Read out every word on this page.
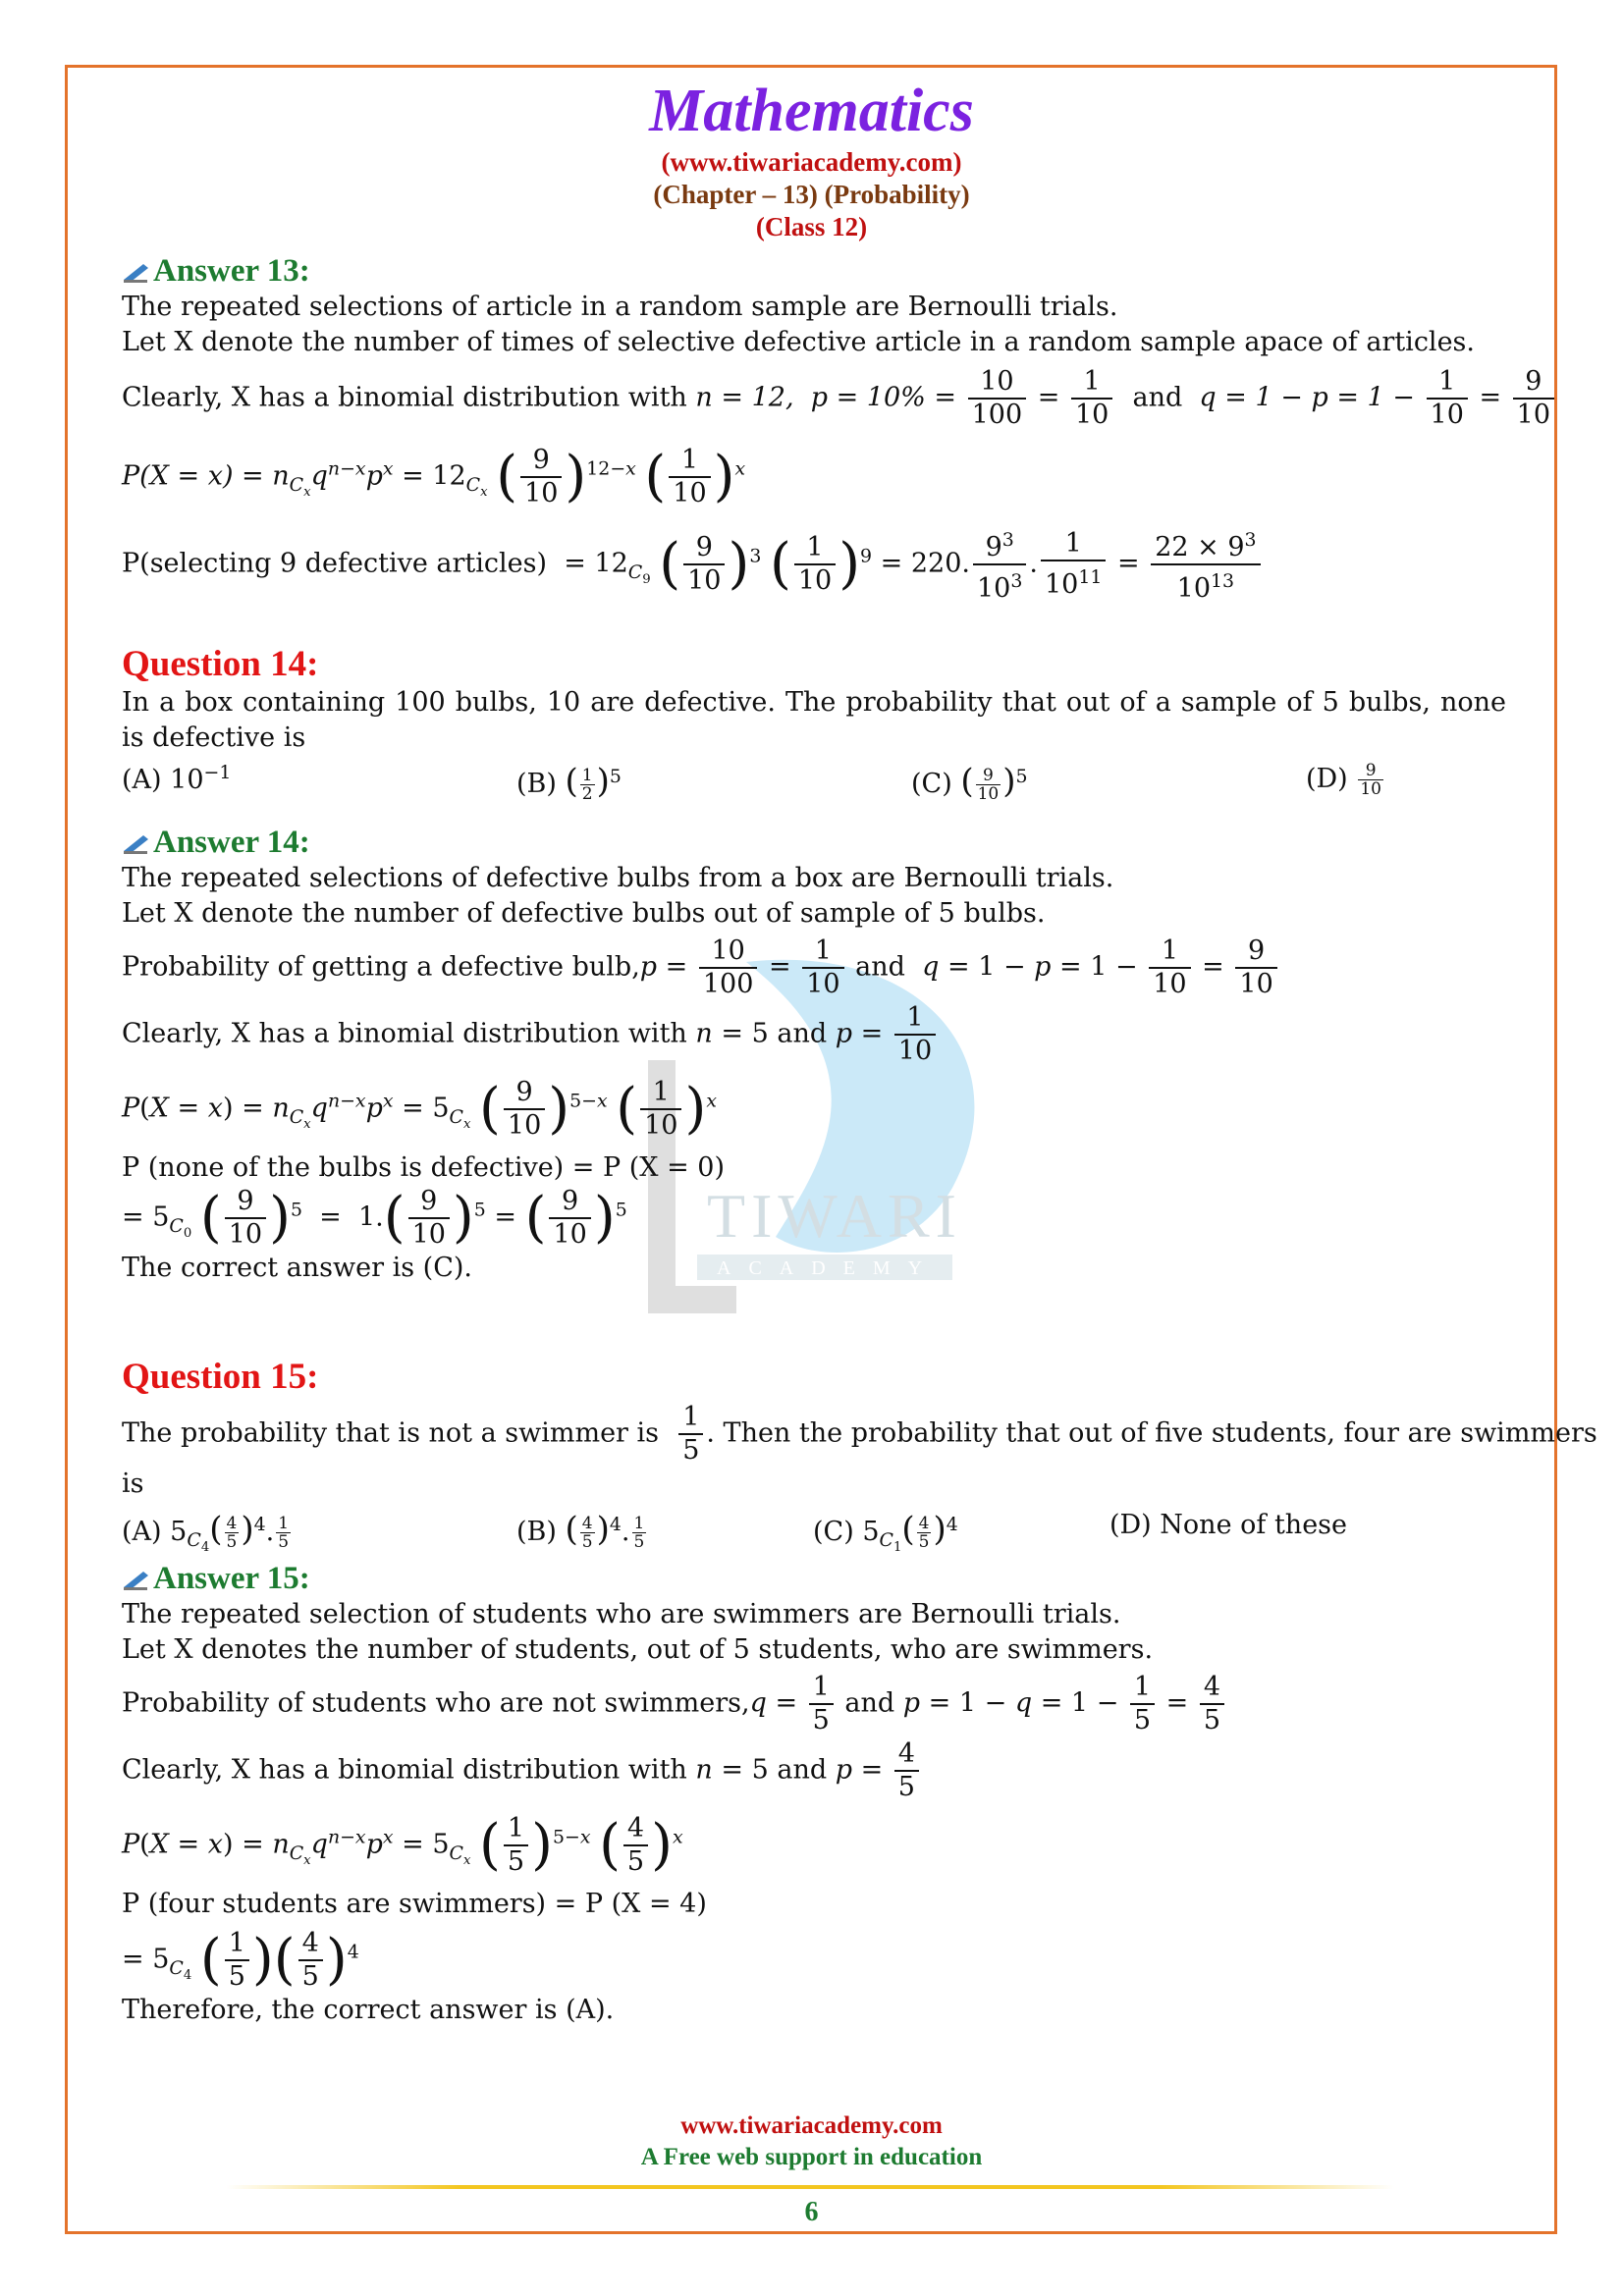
TIWARI
ACADEMY
Mathematics
(www.tiwariacademy.com)
(Chapter – 13) (Probability)
(Class 12)
Answer 13:
The repeated selections of article in a random sample are Bernoulli trials.
Let X denote the number of times of selective defective article in a random sample apace of articles.
Clearly, X has a binomial distribution with n = 12, $p = 10\% = \frac{10}{100} = \frac{1}{10}$ and $q = 1 - p = 1 - \frac{1}{10} = \frac{9}{10}$
$P(X = x) = n_{C_x}q^{n-x}p^x = 12_{C_x}$ ( $\frac{9}{10} )^{12-x}$ ( $\frac{1}{10} )^x$
P(selecting 9 defective articles)  = $12_{C_9}$ ( $\frac{9}{10} )^3$ ( $\frac{1}{10} )^9 = 220$. $\frac{9^3}{10^3}$ . $\frac{1}{10^{11}} = \frac{22 \times 9^3}{10^{13}}$
Question 14:
In a box containing 100 bulbs, 10 are defective. The probability that out of a sample of 5 bulbs, none is defective is
(A) $10^{-1}$	(B) ( $\frac{1}{2} )^5$	(C) ( $\frac{9}{10} )^5$	$(D) \frac{9}{10}$
Answer 14:
The repeated selections of defective bulbs from a box are Bernoulli trials.
Let X denote the number of defective bulbs out of sample of 5 bulbs.
Probability of getting a defective bulb,p = $\frac{10}{100} = \frac{1}{10}$ and  $q = 1 - p = 1 - \frac{1}{10} = \frac{9}{10}$
Clearly, X has a binomial distribution with n = 5 and $p = \frac{1}{10}$
$P(X = x) = n_{C_x}q^{n-x}p^x = 5_{C_x}$ ( $\frac{9}{10} )^{5-x}$ ( $\frac{1}{10} )^x$
P (none of the bulbs is defective) = P (X = 0)
= $5_{C_0}$ ( $\frac{9}{10} )^5 = 1.( \frac{9}{10} )^5$ = ( $\frac{9}{10} )^5$
The correct answer is (C).
Question 15:
The probability that is not a swimmer is $\frac{1}{5}$ . Then the probability that out of five students, four are swimmers
is
(A) $5_{C_4}( \frac{4}{5} )^4$. $\frac{1}{5}$	(B) ( $\frac{4}{5} )^4$. $\frac{1}{5}$	(C) $5_{C_1}( \frac{4}{5} )^4$	(D) None of these
Answer 15:
The repeated selection of students who are swimmers are Bernoulli trials.
Let X denotes the number of students, out of 5 students, who are swimmers.
Probability of students who are not swimmers,q = $\frac{1}{5}$ and $p = 1 - q = 1 - \frac{1}{5} = \frac{4}{5}$
Clearly, X has a binomial distribution with n = 5 and $p = \frac{4}{5}$
$P(X = x) = n_{C_x}q^{n-x}p^x = 5_{C_x}$ ( $\frac{1}{5} )^{5-x}$ ( $\frac{4}{5} )^x$
P (four students are swimmers) = P (X = 4)
= $5_{C_4}$ ( $\frac{1}{5}$ )( $\frac{4}{5} )^4$
Therefore, the correct answer is (A).
www.tiwariacademy.com
A Free web support in education
6
